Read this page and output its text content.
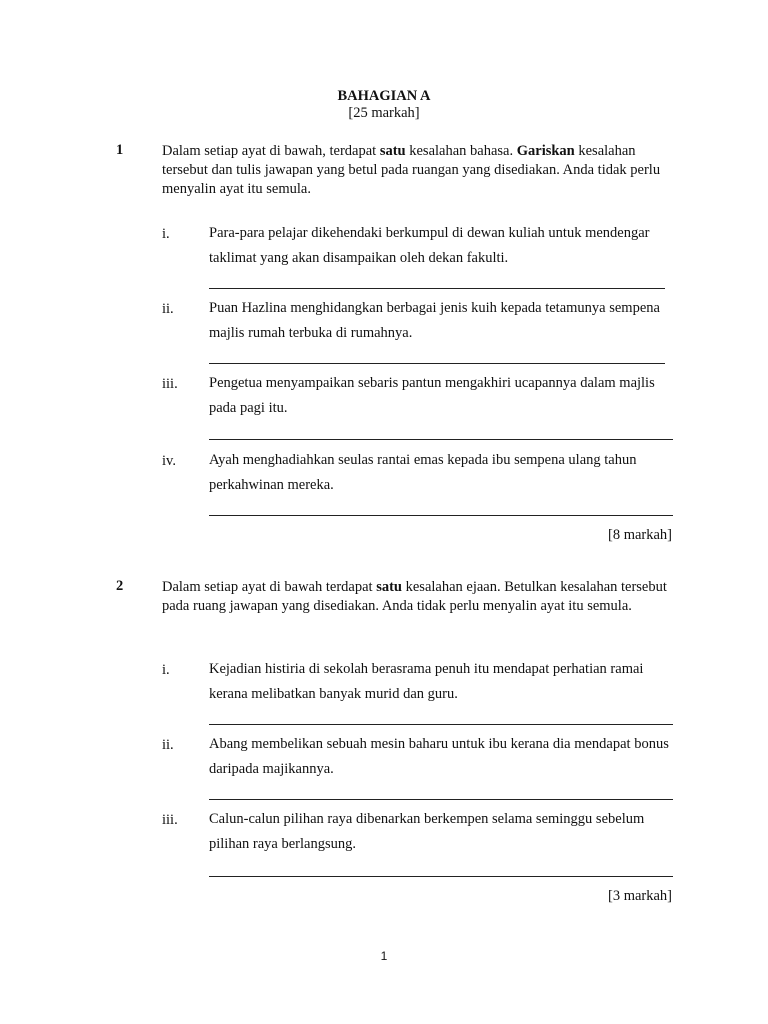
BAHAGIAN A
[25 markah]
1	Dalam setiap ayat di bawah, terdapat satu kesalahan bahasa. Gariskan kesalahan tersebut dan tulis jawapan yang betul pada ruangan yang disediakan. Anda tidak perlu menyalin ayat itu semula.
i.	Para-para pelajar dikehendaki berkumpul di dewan kuliah untuk mendengar taklimat yang akan disampaikan oleh dekan fakulti.
ii. Puan Hazlina menghidangkan berbagai jenis kuih kepada tetamunya sempena majlis rumah terbuka di rumahnya.
iii. Pengetua menyampaikan sebaris pantun mengakhiri ucapannya dalam majlis pada pagi itu.
iv. Ayah menghadiahkan seulas rantai emas kepada ibu sempena ulang tahun perkahwinan mereka.
[8 markah]
2	Dalam setiap ayat di bawah terdapat satu kesalahan ejaan. Betulkan kesalahan tersebut pada ruang jawapan yang disediakan. Anda tidak perlu menyalin ayat itu semula.
i.	Kejadian histiria di sekolah berasrama penuh itu mendapat perhatian ramai kerana melibatkan banyak murid dan guru.
ii. Abang membelikan sebuah mesin baharu untuk ibu kerana dia mendapat bonus daripada majikannya.
iii. Calun-calun pilihan raya dibenarkan berkempen selama seminggu sebelum pilihan raya berlangsung.
[3 markah]
1
